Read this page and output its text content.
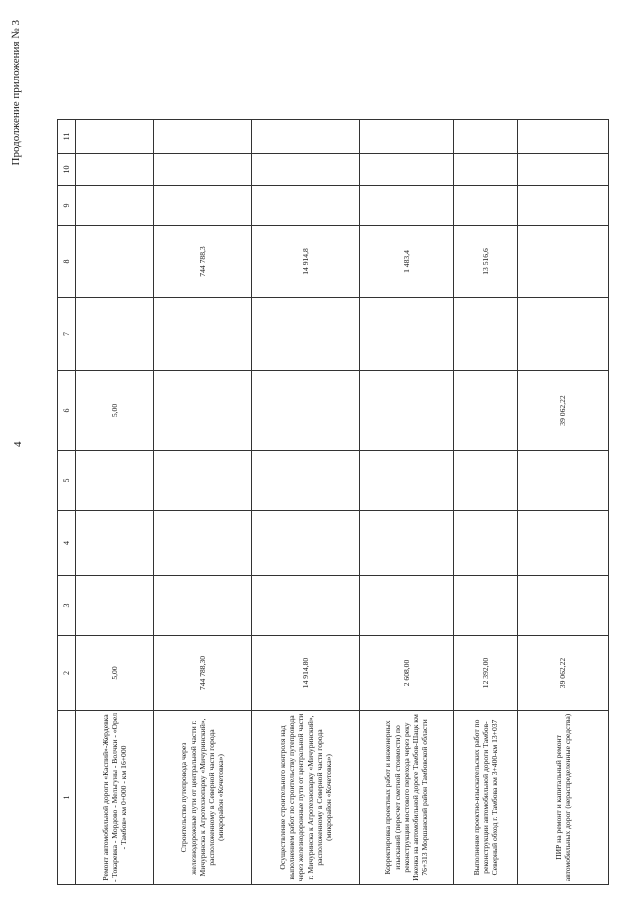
Продолжение приложения № 3
4
1	2	3	4	5	6	7	8	9	10	11
Ремонт автомобильной дороги «Каспий»-Жердевка - Токаревка - Мордово - Мельгуны - Волчки - «Орел - Тамбов» км 0+000 - км 16+000	5,00				5,00					
Строительство путепровода через железнодорожные пути от центральной части г. Мичуринска к Агротехнопарку «Мичуринский», расположенному в Северной части города (микрорайон «Кочетовка»)	744 788,30						744 788,3			
Осуществление строительного контроля над выполнением работ по строительству путепровода через железнодорожные пути от центральной части г. Мичуринска к Агротехнопарку «Мичуринский», расположенному в Северной части города (микрорайон «Кочетовка»)	14 914,80						14 914,8			
Корректировка проектных работ и инженерных изысканий (пересчет сметной стоимости) по реконструкции мостового перехода через реку Иженка на автомобильной дороге Тамбов-Шацк км 76+313 Моршанский район Тамбовской области	2 608,00						1 483,4			
Выполнение проектно-изыскательских работ по реконструкции автомобильной дороги Тамбов-Северный обход г. Тамбова км 3+400-км 13+037	12 392,00						13 516,6			
ПИР на ремонт и капитальный ремонт автомобильных дорог (нераспределенные средства)	39 062,22				39 062,22					
